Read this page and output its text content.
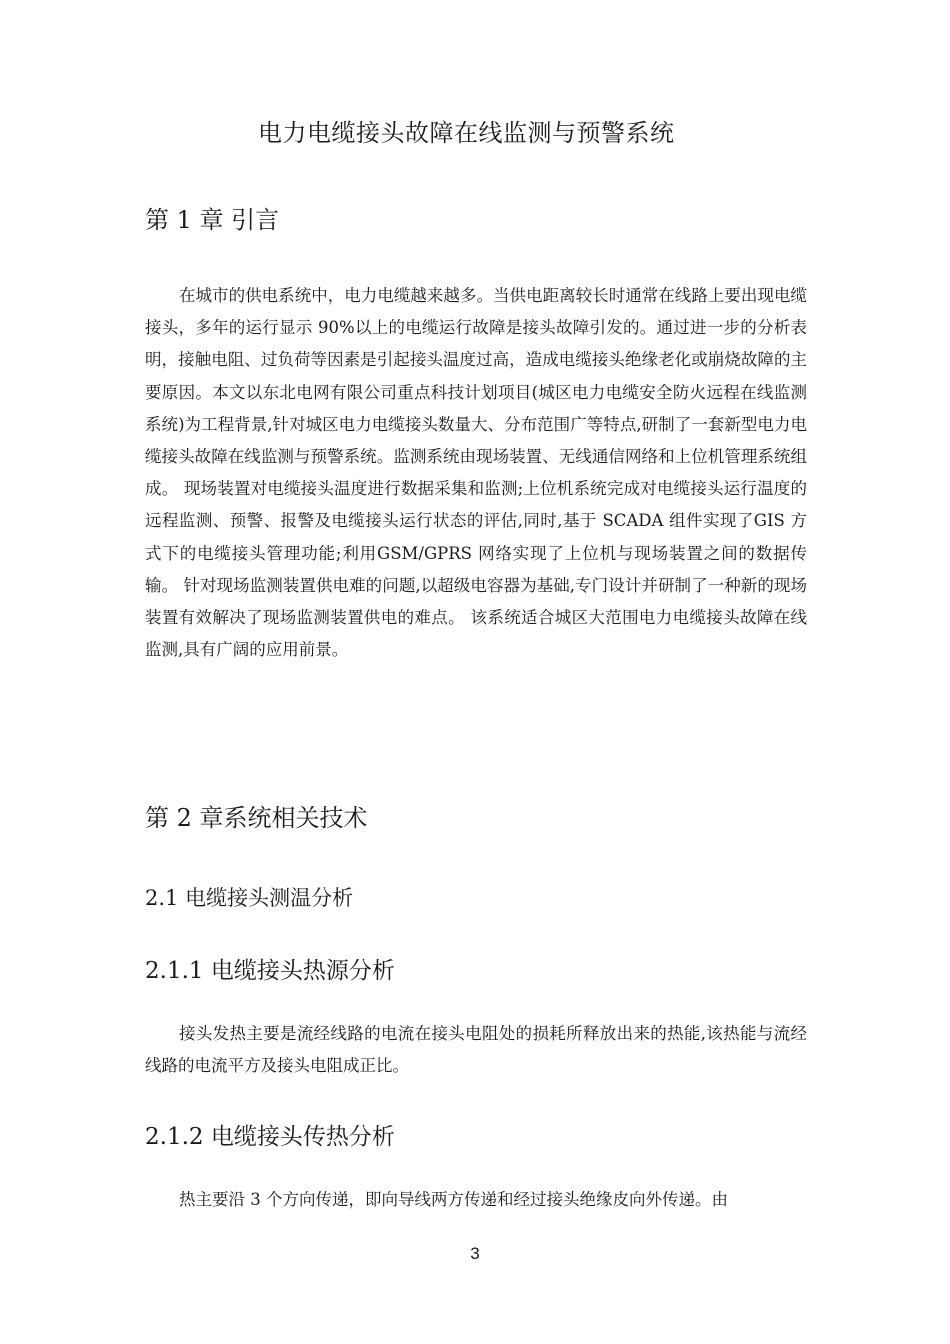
电力电缆接头故障在线监测与预警系统
第 1 章 引言

在城市的供电系统中，电力电缆越来越多。当供电距离较长时通常在线路上要出现电缆接头，多年的运行显示 90%以上的电缆运行故障是接头故障引发的。通过进一步的分析表明，接触电阻、过负荷等因素是引起接头温度过高，造成电缆接头绝缘老化或崩烧故障的主要原因。本文以东北电网有限公司重点科技计划项目(城区电力电缆安全防火远程在线监测系统)为工程背景,针对城区电力电缆接头数量大、分布范围广等特点,研制了一套新型电力电缆接头故障在线监测与预警系统。监测系统由现场装置、无线通信网络和上位机管理系统组成。 现场装置对电缆接头温度进行数据采集和监测;上位机系统完成对电缆接头运行温度的远程监测、预警、报警及电缆接头运行状态的评估,同时,基于 SCADA 组件实现了GIS 方式下的电缆接头管理功能;利用GSM/GPRS 网络实现了上位机与现场装置之间的数据传输。 针对现场监测装置供电难的问题,以超级电容器为基础,专门设计并研制了一种新的现场装置有效解决了现场监测装置供电的难点。 该系统适合城区大范围电力电缆接头故障在线监测,具有广阔的应用前景。

第 2 章系统相关技术
2.1 电缆接头测温分析
2.1.1 电缆接头热源分析

接头发热主要是流经线路的电流在接头电阻处的损耗所释放出来的热能,该热能与流经线路的电流平方及接头电阻成正比。

2.1.2 电缆接头传热分析

热主要沿 3 个方向传递，即向导线两方传递和经过接头绝缘皮向外传递。由

3
